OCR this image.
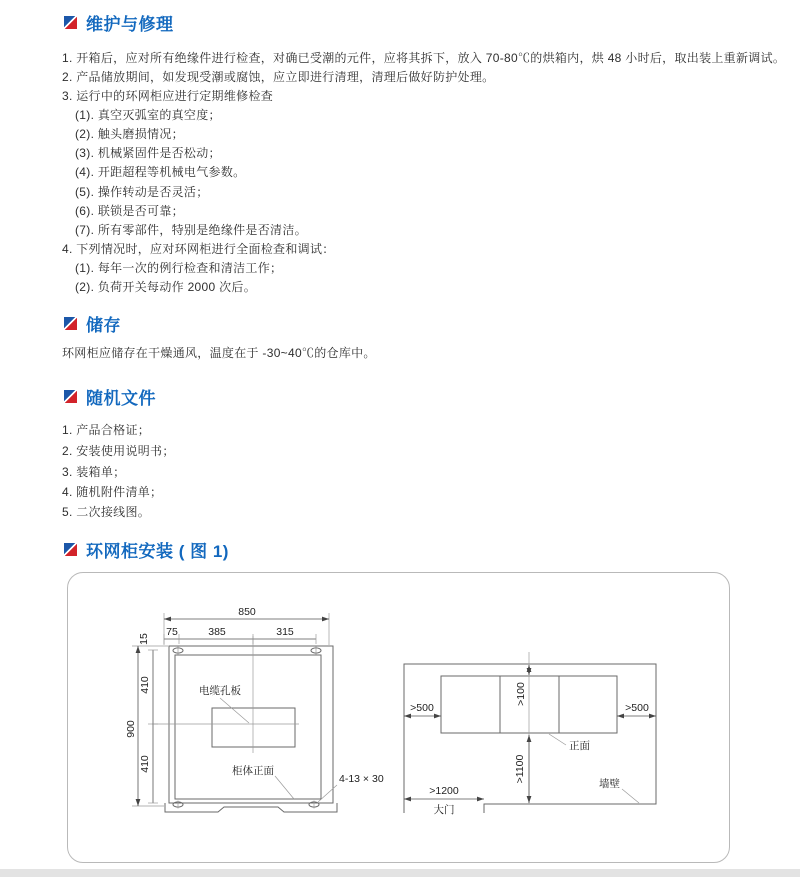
维护与修理
1. 开箱后，应对所有绝缘件进行检查，对确已受潮的元件，应将其拆下，放入 70-80℃的烘箱内，烘 48 小时后，取出装上重新调试。
2. 产品储放期间，如发现受潮或腐蚀，应立即进行清理，清理后做好防护处理。
3. 运行中的环网柜应进行定期维修检查
(1). 真空灭弧室的真空度；
(2). 触头磨损情况；
(3). 机械紧固件是否松动；
(4). 开距超程等机械电气参数。
(5). 操作转动是否灵活；
(6). 联锁是否可靠；
(7). 所有零部件，特别是绝缘件是否清洁。
4. 下列情况时，应对环网柜进行全面检查和调试：
(1). 每年一次的例行检查和清洁工作；
(2). 负荷开关每动作 2000 次后。
储存
环网柜应储存在干燥通风，温度在于 -30~40℃的仓库中。
随机文件
1. 产品合格证；
2. 安装使用说明书；
3. 装箱单；
4. 随机附件清单；
5. 二次接线图。
环网柜安装 ( 图 1)
850
75	385	315
900
15
410
410
电缆孔板
柜体正面
4-13 × 30
>100
>500	>500
正面
>1100
>1200
大门
墙壁
